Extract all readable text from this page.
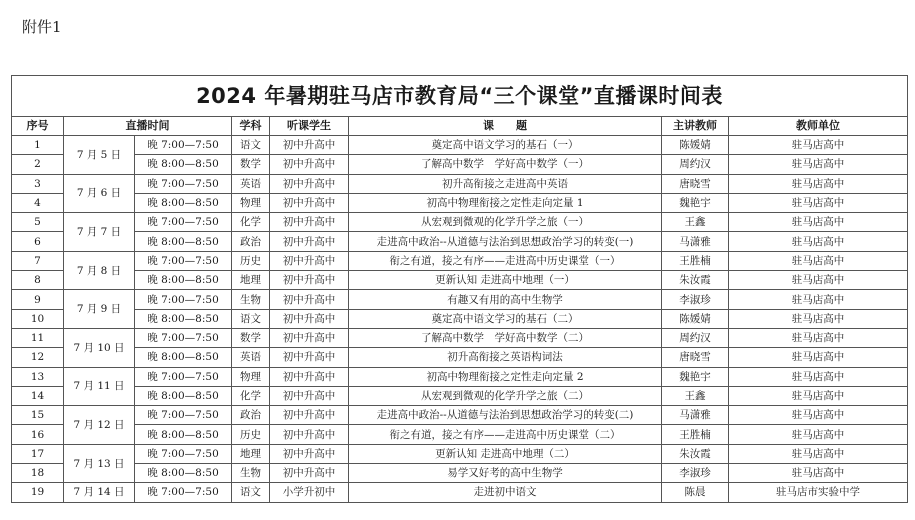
附件1
2024 年暑期驻马店市教育局“三个课堂”直播课时间表							
序号	直播时间		学科	听课学生	课　　题	主讲教师	教师单位
1	7 月 5 日	晚 7:00—7:50	语文	初中升高中	奠定高中语文学习的基石（一）	陈媛婧	驻马店高中
2		晚 8:00—8:50	数学	初中升高中	了解高中数学　学好高中数学（一）	周约汉	驻马店高中
3	7 月 6 日	晚 7:00—7:50	英语	初中升高中	初升高衔接之走进高中英语	唐晓雪	驻马店高中
4		晚 8:00—8:50	物理	初中升高中	初高中物理衔接之定性走向定量 1	魏艳宇	驻马店高中
5	7 月 7 日	晚 7:00—7:50	化学	初中升高中	从宏观到微观的化学升学之旅（一）	王鑫	驻马店高中
6		晚 8:00—8:50	政治	初中升高中	走进高中政治--从道德与法治到思想政治学习的转变(一)	马潇雅	驻马店高中
7	7 月 8 日	晚 7:00—7:50	历史	初中升高中	衔之有道，接之有序——走进高中历史课堂（一）	王胜楠	驻马店高中
8		晚 8:00—8:50	地理	初中升高中	更新认知 走进高中地理（一）	朱汝霞	驻马店高中
9	7 月 9 日	晚 7:00—7:50	生物	初中升高中	有趣又有用的高中生物学	李淑珍	驻马店高中
10		晚 8:00—8:50	语文	初中升高中	奠定高中语文学习的基石（二）	陈媛婧	驻马店高中
11	7 月 10 日	晚 7:00—7:50	数学	初中升高中	了解高中数学　学好高中数学（二）	周约汉	驻马店高中
12		晚 8:00—8:50	英语	初中升高中	初升高衔接之英语构词法	唐晓雪	驻马店高中
13	7 月 11 日	晚 7:00—7:50	物理	初中升高中	初高中物理衔接之定性走向定量 2	魏艳宇	驻马店高中
14		晚 8:00—8:50	化学	初中升高中	从宏观到微观的化学升学之旅（二）	王鑫	驻马店高中
15	7 月 12 日	晚 7:00—7:50	政治	初中升高中	走进高中政治--从道德与法治到思想政治学习的转变(二)	马潇雅	驻马店高中
16		晚 8:00—8:50	历史	初中升高中	衔之有道，接之有序——走进高中历史课堂（二）	王胜楠	驻马店高中
17	7 月 13 日	晚 7:00—7:50	地理	初中升高中	更新认知 走进高中地理（二）	朱汝霞	驻马店高中
18		晚 8:00—8:50	生物	初中升高中	易学又好考的高中生物学	李淑珍	驻马店高中
19	7 月 14 日	晚 7:00—7:50	语文	小学升初中	走进初中语文	陈晨	驻马店市实验中学
